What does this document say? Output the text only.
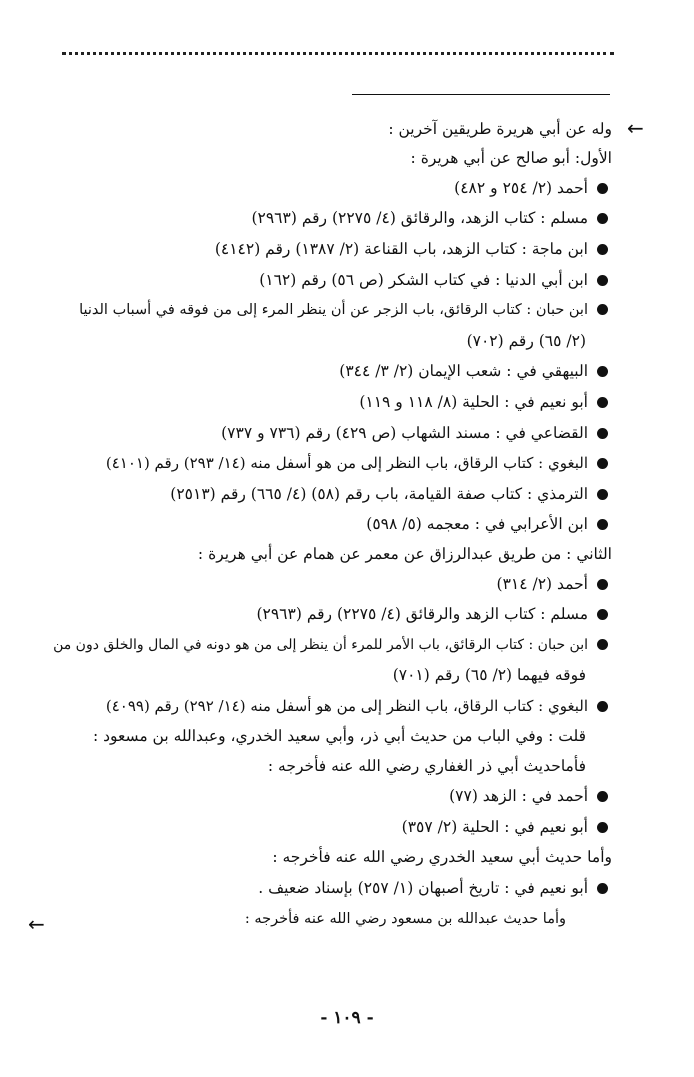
←
وله عن أبي هريرة طريقين آخرين :
الأول: أبو صالح عن أبي هريرة :
أحمد (٢/ ٢٥٤ و ٤٨٢)
مسلم : كتاب الزهد، والرقائق (٤/ ٢٢٧٥) رقم (٢٩٦٣)
ابن ماجة : كتاب الزهد، باب القناعة (٢/ ١٣٨٧) رقم (٤١٤٢)
ابن أبي الدنيا : في كتاب الشكر (ص ٥٦) رقم (١٦٢)
ابن حبان : كتاب الرقائق، باب الزجر عن أن ينظر المرء إلى من فوقه في أسباب الدنيا
(٢/ ٦٥) رقم (٧٠٢)
البيهقي في : شعب الإيمان (٢/ ٣/ ٣٤٤)
أبو نعيم في : الحلية (٨/ ١١٨ و ١١٩)
القضاعي في : مسند الشهاب (ص ٤٢٩) رقم (٧٣٦ و ٧٣٧)
البغوي : كتاب الرقاق، باب النظر إلى من هو أسفل منه (١٤/ ٢٩٣) رقم (٤١٠١)
الترمذي : كتاب صفة القيامة، باب رقم (٥٨) (٤/ ٦٦٥) رقم (٢٥١٣)
ابن الأعرابي في : معجمه (٥/ ٥٩٨)
الثاني : من طريق عبدالرزاق عن معمر عن همام عن أبي هريرة :
أحمد (٢/ ٣١٤)
مسلم : كتاب الزهد والرقائق (٤/ ٢٢٧٥) رقم (٢٩٦٣)
ابن حبان : كتاب الرقائق، باب الأمر للمرء أن ينظر إلى من هو دونه في المال والخلق دون من
فوقه فيهما (٢/ ٦٥) رقم (٧٠١)
البغوي : كتاب الرقاق، باب النظر إلى من هو أسفل منه (١٤/ ٢٩٢) رقم (٤٠٩٩)
قلت : وفي الباب من حديث أبي ذر، وأبي سعيد الخدري، وعبدالله بن مسعود :
فأماحديث أبي ذر الغفاري رضي الله عنه فأخرجه :
أحمد في : الزهد (٧٧)
أبو نعيم في : الحلية (٢/ ٣٥٧)
وأما حديث أبي سعيد الخدري رضي الله عنه فأخرجه :
أبو نعيم في : تاريخ أصبهان (١/ ٢٥٧) بإسناد ضعيف .
وأما حديث عبدالله بن مسعود رضي الله عنه فأخرجه :
←
- ١٠٩ -
